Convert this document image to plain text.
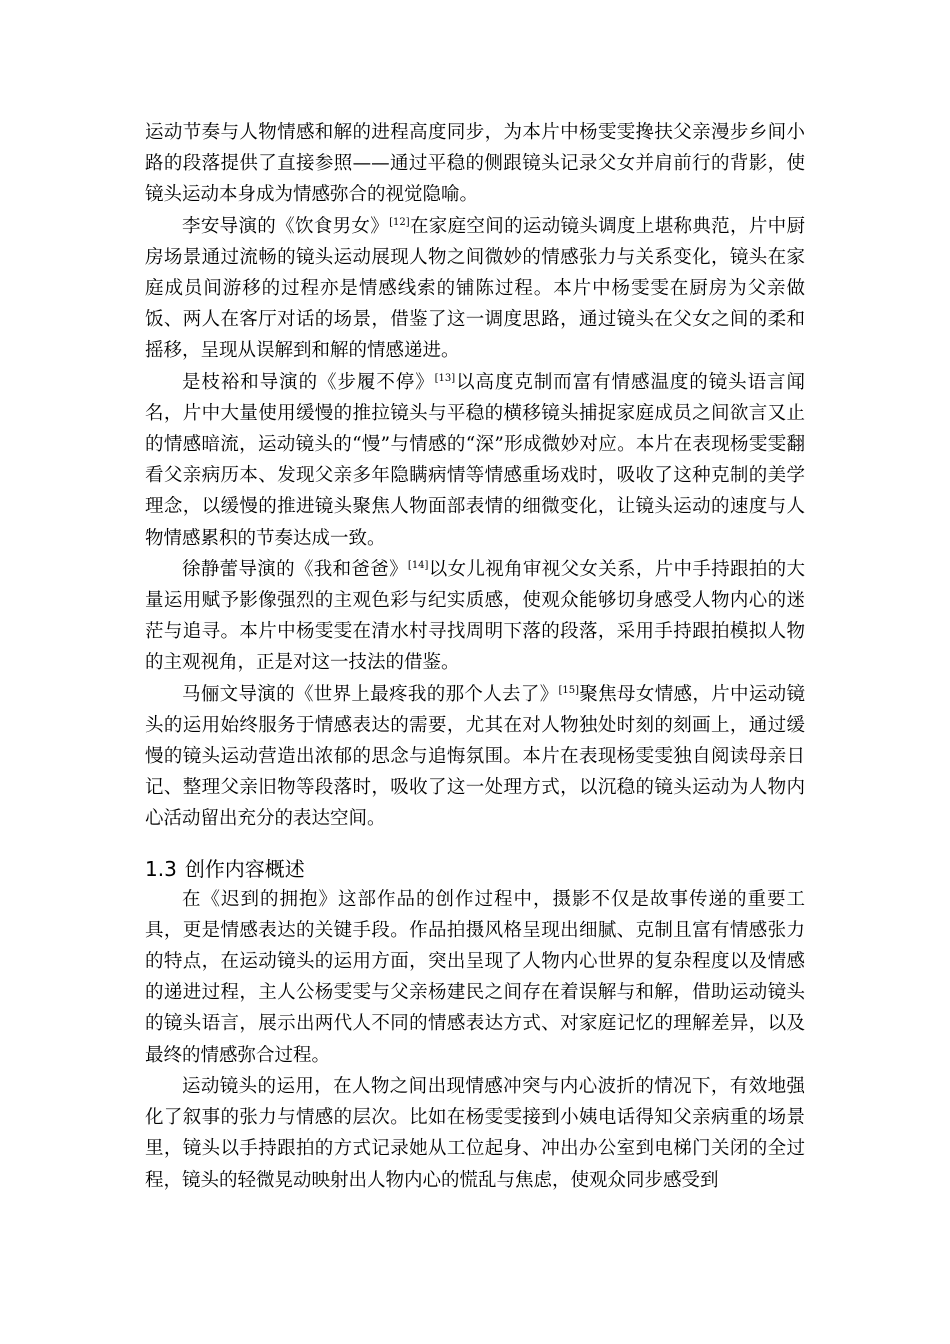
运动节奏与人物情感和解的进程高度同步，为本片中杨雯雯搀扶父亲漫步乡间小路的段落提供了直接参照——通过平稳的侧跟镜头记录父女并肩前行的背影，使镜头运动本身成为情感弥合的视觉隐喻。

李安导演的《饮食男女》[12]在家庭空间的运动镜头调度上堪称典范，片中厨房场景通过流畅的镜头运动展现人物之间微妙的情感张力与关系变化，镜头在家庭成员间游移的过程亦是情感线索的铺陈过程。本片中杨雯雯在厨房为父亲做饭、两人在客厅对话的场景，借鉴了这一调度思路，通过镜头在父女之间的柔和摇移，呈现从误解到和解的情感递进。

是枝裕和导演的《步履不停》[13]以高度克制而富有情感温度的镜头语言闻名，片中大量使用缓慢的推拉镜头与平稳的横移镜头捕捉家庭成员之间欲言又止的情感暗流，运动镜头的“慢”与情感的“深”形成微妙对应。本片在表现杨雯雯翻看父亲病历本、发现父亲多年隐瞒病情等情感重场戏时，吸收了这种克制的美学理念，以缓慢的推进镜头聚焦人物面部表情的细微变化，让镜头运动的速度与人物情感累积的节奏达成一致。

徐静蕾导演的《我和爸爸》[14]以女儿视角审视父女关系，片中手持跟拍的大量运用赋予影像强烈的主观色彩与纪实质感，使观众能够切身感受人物内心的迷茫与追寻。本片中杨雯雯在清水村寻找周明下落的段落，采用手持跟拍模拟人物的主观视角，正是对这一技法的借鉴。

马俪文导演的《世界上最疼我的那个人去了》[15]聚焦母女情感，片中运动镜头的运用始终服务于情感表达的需要，尤其在对人物独处时刻的刻画上，通过缓慢的镜头运动营造出浓郁的思念与追悔氛围。本片在表现杨雯雯独自阅读母亲日记、整理父亲旧物等段落时，吸收了这一处理方式，以沉稳的镜头运动为人物内心活动留出充分的表达空间。

1.3 创作内容概述

在《迟到的拥抱》这部作品的创作过程中，摄影不仅是故事传递的重要工具，更是情感表达的关键手段。作品拍摄风格呈现出细腻、克制且富有情感张力的特点，在运动镜头的运用方面，突出呈现了人物内心世界的复杂程度以及情感的递进过程，主人公杨雯雯与父亲杨建民之间存在着误解与和解，借助运动镜头的镜头语言，展示出两代人不同的情感表达方式、对家庭记忆的理解差异，以及最终的情感弥合过程。

运动镜头的运用，在人物之间出现情感冲突与内心波折的情况下，有效地强化了叙事的张力与情感的层次。比如在杨雯雯接到小姨电话得知父亲病重的场景里，镜头以手持跟拍的方式记录她从工位起身、冲出办公室到电梯门关闭的全过程，镜头的轻微晃动映射出人物内心的慌乱与焦虑，使观众同步感受到
